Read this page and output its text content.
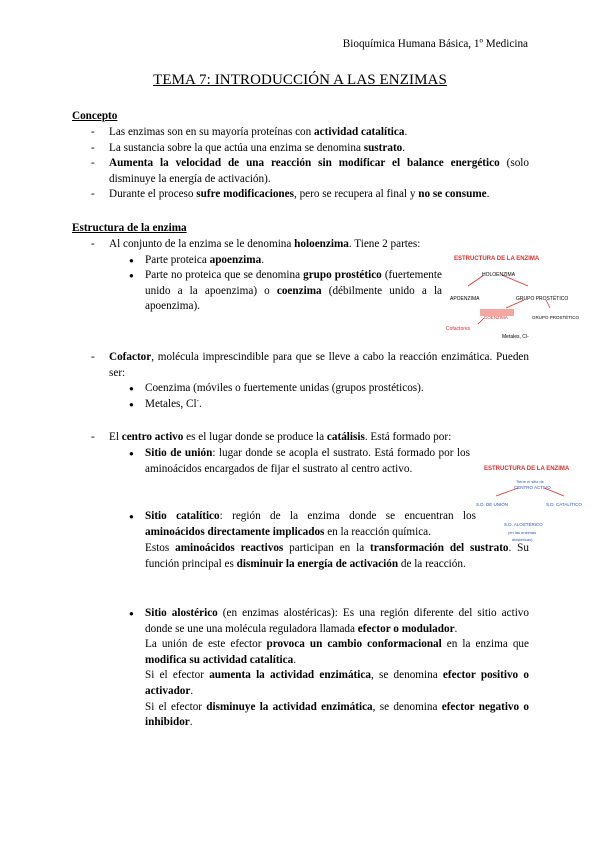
Bioquímica Humana Básica, 1º Medicina
TEMA 7: INTRODUCCIÓN A LAS ENZIMAS
Concepto
- Las enzimas son en su mayoría proteínas con actividad catalítica.
- La sustancia sobre la que actúa una enzima se denomina sustrato.
- Aumenta la velocidad de una reacción sin modificar el balance energético (solo disminuye la energía de activación).
- Durante el proceso sufre modificaciones, pero se recupera al final y no se consume.
Estructura de la enzima
- Al conjunto de la enzima se le denomina holoenzima. Tiene 2 partes:
● Parte proteica apoenzima.
● Parte no proteica que se denomina grupo prostético (fuertemente unido a la apoenzima) o coenzima (débilmente unido a la apoenzima).
- Cofactor, molécula imprescindible para que se lleve a cabo la reacción enzimática. Pueden ser:
● Coenzima (móviles o fuertemente unidas (grupos prostéticos).
● Metales, Cl-.
- El centro activo es el lugar donde se produce la catálisis. Está formado por:
● Sitio de unión: lugar donde se acopla el sustrato. Está formado por los aminoácidos encargados de fijar el sustrato al centro activo.
● Sitio catalítico: región de la enzima donde se encuentran los aminoácidos directamente implicados en la reacción química.
Estos aminoácidos reactivos participan en la transformación del sustrato. Su función principal es disminuir la energía de activación de la reacción.
● Sitio alostérico (en enzimas alostéricas): Es una región diferente del sitio activo donde se une una molécula reguladora llamada efector o modulador.
La unión de este efector provoca un cambio conformacional en la enzima que modifica su actividad catalítica.
Si el efector aumenta la actividad enzimática, se denomina efector positivo o activador.
Si el efector disminuye la actividad enzimática, se denomina efector negativo o inhibidor.
ESTRUCTURA DE LA ENZIMA
HOLOENZIMA
APOENZIMA	GRUPO PROSTÉTICO
COENZIMA	GRUPO PROSTÉTICO
Cofactores
Metales, Cl-
ESTRUCTURA DE LA ENZIMA
Tiene el sitio de
CENTRO ACTIVO
S.D. DE UNIÓN	S.D. CATALÍTICO
S.D. ALOSTÉRICO
(en las enzimas
alostéricas)
